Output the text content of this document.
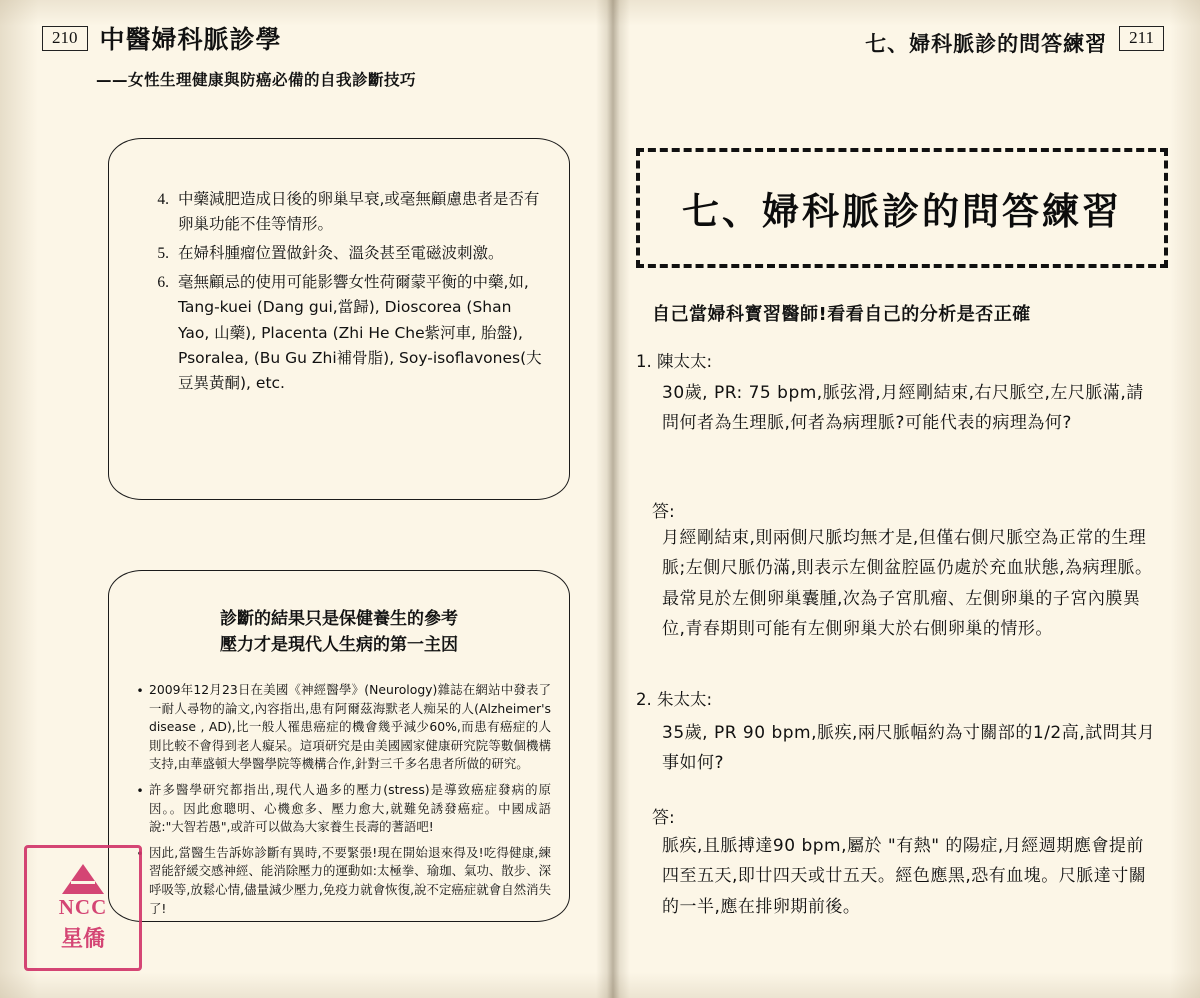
210 中醫婦科脈診學
——女性生理健康與防癌必備的自我診斷技巧
4. 中藥減肥造成日後的卵巢早衰,或毫無顧慮患者是否有卵巢功能不佳等情形。
5. 在婦科腫瘤位置做針灸、溫灸甚至電磁波刺激。
6. 毫無顧忌的使用可能影響女性荷爾蒙平衡的中藥,如, Tang-kuei (Dang gui,當歸), Dioscorea (Shan Yao, 山藥), Placenta (Zhi He Che紫河車, 胎盤), Psoralea, (Bu Gu Zhi補骨脂), Soy-isoflavones(大豆異黃酮), etc.
診斷的結果只是保健養生的參考
壓力才是現代人生病的第一主因
• 2009年12月23日在美國《神經醫學》(Neurology)雜誌在網站中發表了一耐人尋物的論文,內容指出,患有阿爾茲海默老人痴呆的人(Alzheimer's disease , AD),比一般人罹患癌症的機會幾乎減少60%,而患有癌症的人則比較不會得到老人癡呆。這項研究是由美國國家健康研究院等數個機構支持,由華盛頓大學醫學院等機構合作,針對三千多名患者所做的研究。
• 許多醫學研究都指出,現代人過多的壓力(stress)是導致癌症發病的原因。。因此愈聰明、心機愈多、壓力愈大,就難免誘發癌症。中國成語說:"大智若愚",或許可以做為大家養生長壽的蓍語吧!
• 因此,當醫生告訴妳診斷有異時,不要緊張!現在開始退來得及!吃得健康,練習能舒緩交感神經、能消除壓力的運動如:太極拳、瑜珈、氣功、散步、深呼吸等,放鬆心情,儘量減少壓力,免疫力就會恢復,說不定癌症就會自然消失了!
NCC
星僑
七、婦科脈診的問答練習	211
七、婦科脈診的問答練習
自己當婦科寳習醫師!看看自己的分析是否正確
1. 陳太太:
30歲, PR: 75 bpm,脈弦滑,月經剛結束,右尺脈空,左尺脈滿,請問何者為生理脈,何者為病理脈?可能代表的病理為何?
答:
月經剛結束,則兩側尺脈均無才是,但僅右側尺脈空為正常的生理脈;左側尺脈仍滿,則表示左側盆腔區仍處於充血狀態,為病理脈。最常見於左側卵巢囊腫,次為子宮肌瘤、左側卵巢的子宮內膜異位,青春期則可能有左側卵巢大於右側卵巢的情形。
2. 朱太太:
35歲, PR 90 bpm,脈疾,兩尺脈幅約為寸關部的1/2高,試問其月事如何?
答:
脈疾,且脈搏達90 bpm,屬於 "有熱" 的陽症,月經週期應會提前四至五天,即廿四天或廿五天。經色應黑,恐有血塊。尺脈達寸關的一半,應在排卵期前後。
